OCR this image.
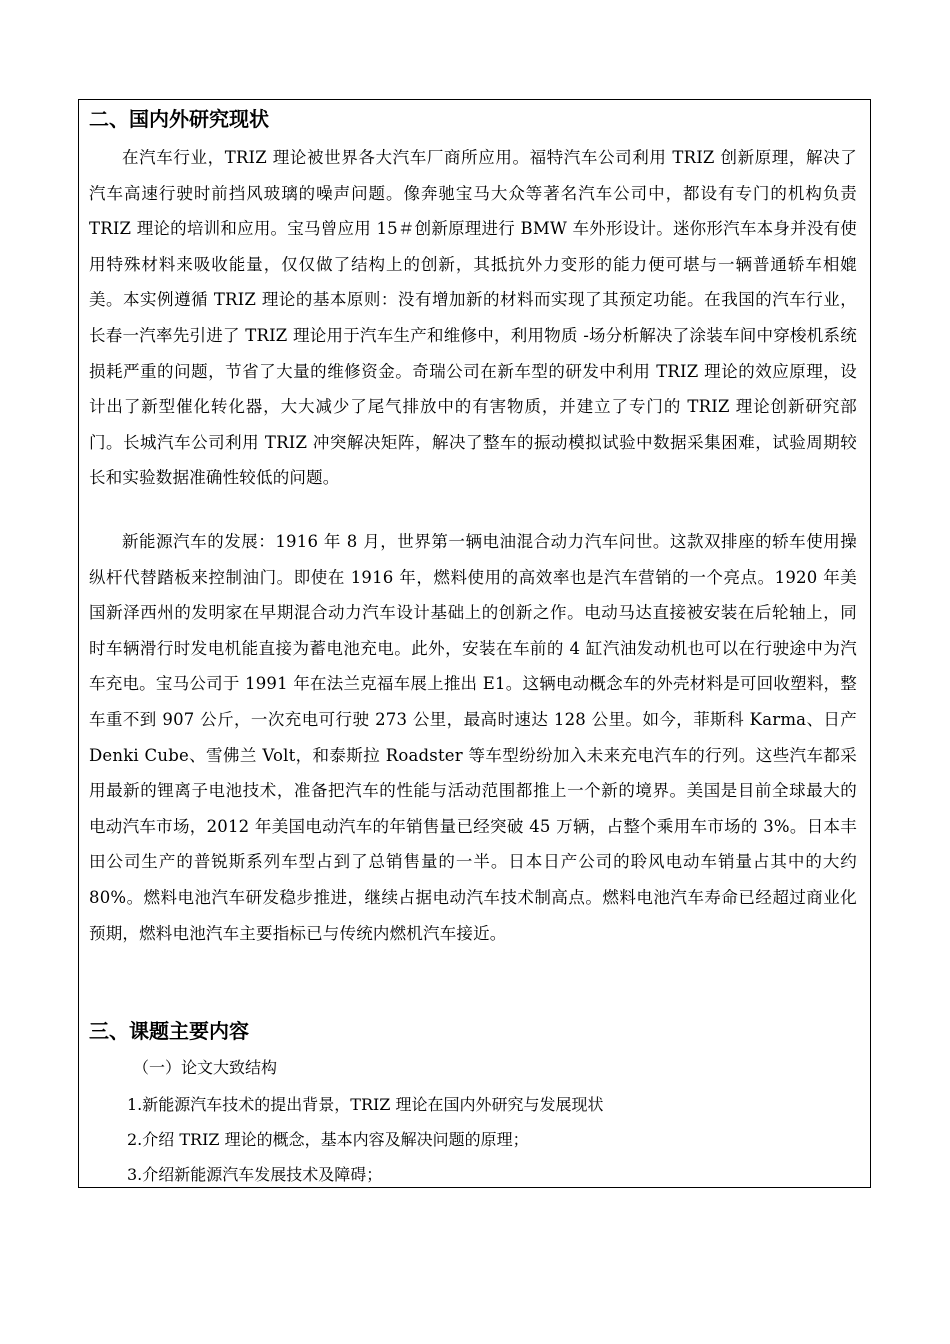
二、国内外研究现状

在汽车行业，TRIZ 理论被世界各大汽车厂商所应用。福特汽车公司利用 TRIZ 创新原理，解决了汽车高速行驶时前挡风玻璃的噪声问题。像奔驰宝马大众等著名汽车公司中，都设有专门的机构负责 TRIZ 理论的培训和应用。宝马曾应用 15＃创新原理进行 BMW 车外形设计。迷你形汽车本身并没有使用特殊材料来吸收能量，仅仅做了结构上的创新，其抵抗外力变形的能力便可堪与一辆普通轿车相媲美。本实例遵循 TRIZ 理论的基本原则：没有增加新的材料而实现了其预定功能。在我国的汽车行业，长春一汽率先引进了 TRIZ 理论用于汽车生产和维修中，利用物质 -场分析解决了涂装车间中穿梭机系统损耗严重的问题，节省了大量的维修资金。奇瑞公司在新车型的研发中利用 TRIZ 理论的效应原理，设计出了新型催化转化器，大大减少了尾气排放中的有害物质，并建立了专门的 TRIZ 理论创新研究部门。长城汽车公司利用 TRIZ 冲突解决矩阵，解决了整车的振动模拟试验中数据采集困难，试验周期较长和实验数据准确性较低的问题。

新能源汽车的发展：1916 年 8 月，世界第一辆电油混合动力汽车问世。这款双排座的轿车使用操纵杆代替踏板来控制油门。即使在 1916 年，燃料使用的高效率也是汽车营销的一个亮点。1920 年美国新泽西州的发明家在早期混合动力汽车设计基础上的创新之作。电动马达直接被安装在后轮轴上，同时车辆滑行时发电机能直接为蓄电池充电。此外，安装在车前的 4 缸汽油发动机也可以在行驶途中为汽车充电。宝马公司于 1991 年在法兰克福车展上推出 E1。这辆电动概念车的外壳材料是可回收塑料，整车重不到 907 公斤，一次充电可行驶 273 公里，最高时速达 128 公里。如今，菲斯科 Karma、日产 Denki Cube、雪佛兰 Volt，和泰斯拉 Roadster 等车型纷纷加入未来充电汽车的行列。这些汽车都采用最新的锂离子电池技术，准备把汽车的性能与活动范围都推上一个新的境界。美国是目前全球最大的电动汽车市场，2012 年美国电动汽车的年销售量已经突破 45 万辆，占整个乘用车市场的 3%。日本丰田公司生产的普锐斯系列车型占到了总销售量的一半。日本日产公司的聆风电动车销量占其中的大约 80%。燃料电池汽车研发稳步推进，继续占据电动汽车技术制高点。燃料电池汽车寿命已经超过商业化预期，燃料电池汽车主要指标已与传统内燃机汽车接近。

三、课题主要内容

（一）论文大致结构

1.新能源汽车技术的提出背景，TRIZ 理论在国内外研究与发展现状

2.介绍 TRIZ 理论的概念，基本内容及解决问题的原理；

3.介绍新能源汽车发展技术及障碍；
